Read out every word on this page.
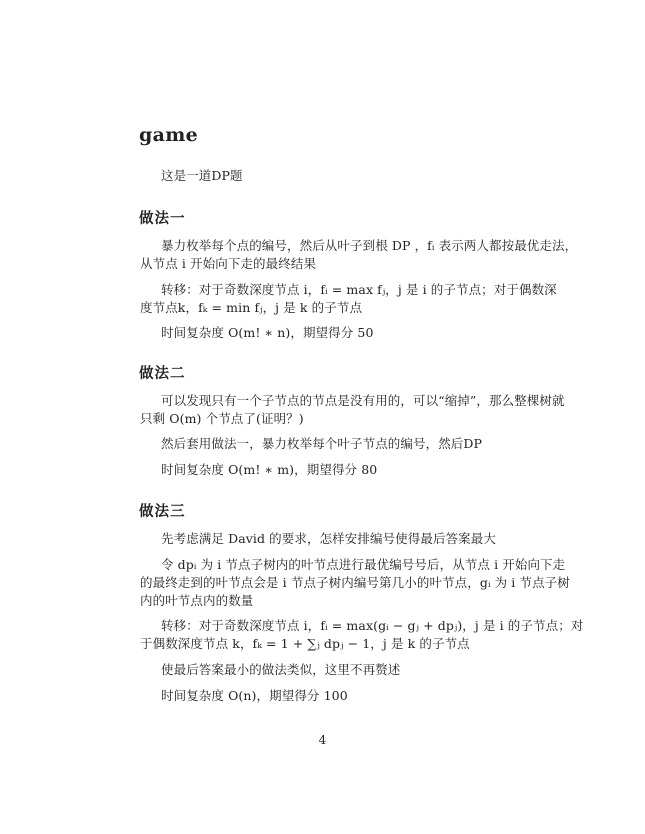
game
这是一道DP题
做法一
暴力枚举每个点的编号，然后从叶子到根 DP ，fᵢ 表示两人都按最优走法，
从节点 i 开始向下走的最终结果
转移：对于奇数深度节点 i，fᵢ = max fⱼ，j 是 i 的子节点；对于偶数深
度节点k，fₖ = min fⱼ，j 是 k 的子节点
时间复杂度 O(m! ∗ n)，期望得分 50
做法二
可以发现只有一个子节点的节点是没有用的，可以“缩掉”，那么整棵树就
只剩 O(m) 个节点了(证明？)
然后套用做法一，暴力枚举每个叶子节点的编号，然后DP
时间复杂度 O(m! ∗ m)，期望得分 80
做法三
先考虑满足 David 的要求，怎样安排编号使得最后答案最大
令 dpᵢ 为 i 节点子树内的叶节点进行最优编号号后，从节点 i 开始向下走
的最终走到的叶节点会是 i 节点子树内编号第几小的叶节点，gᵢ 为 i 节点子树
内的叶节点内的数量
转移：对于奇数深度节点 i，fᵢ = max(gᵢ − gⱼ + dpⱼ)，j 是 i 的子节点；对
于偶数深度节点 k，fₖ = 1 + ∑ⱼ dpⱼ − 1，j 是 k 的子节点
使最后答案最小的做法类似，这里不再赘述
时间复杂度 O(n)，期望得分 100
4
